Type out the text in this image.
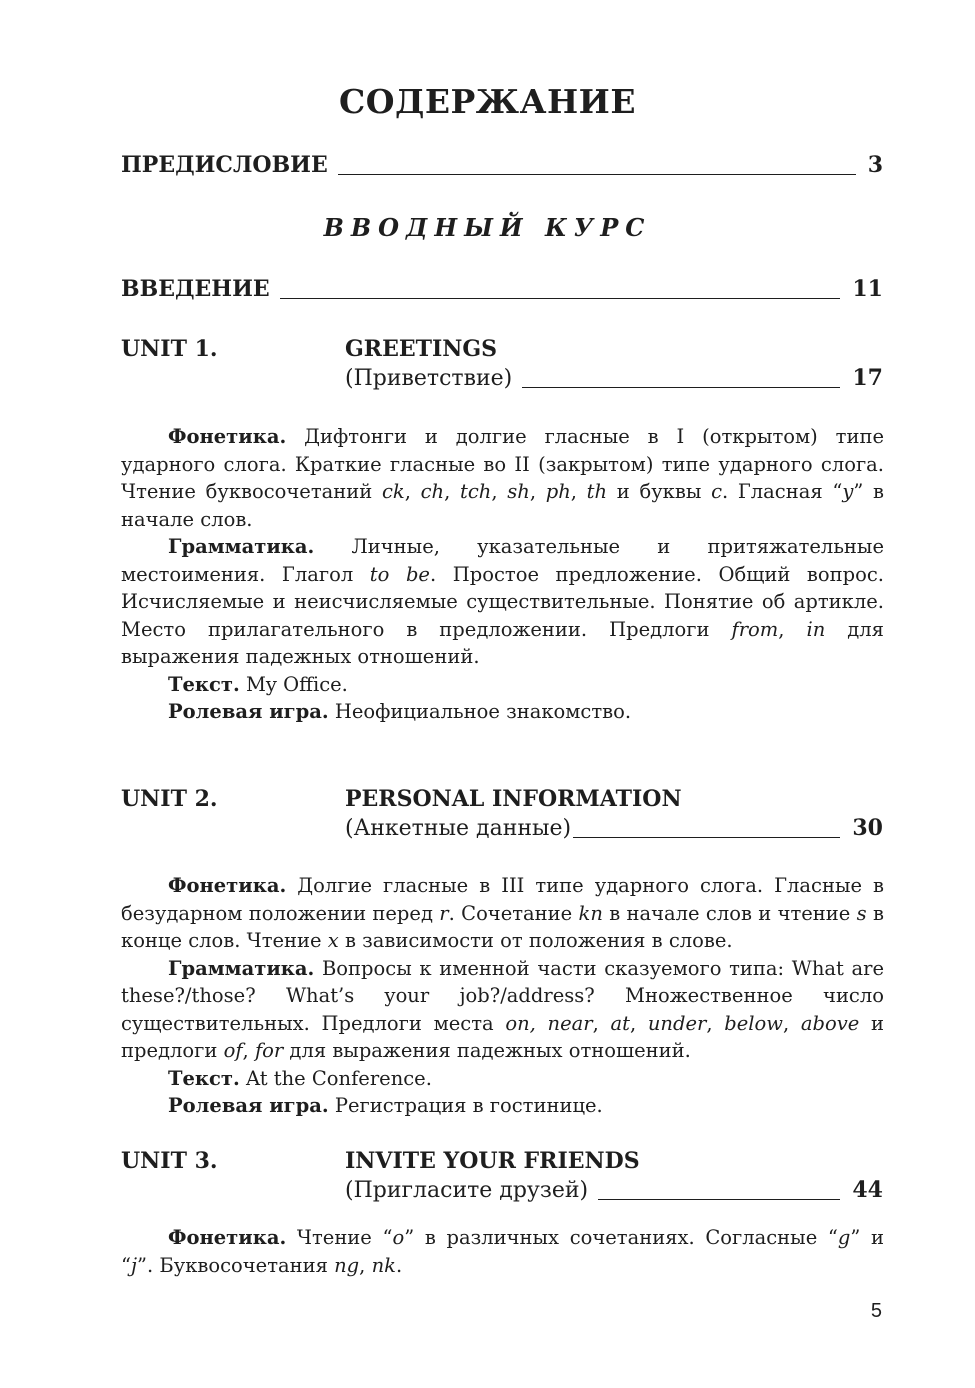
СОДЕРЖАНИЕ
ПРЕДИСЛОВИЕ	3
ВВОДНЫЙ КУРС
ВВЕДЕНИЕ	11
UNIT 1.	GREETINGS
(Приветствие)	17

Фонетика. Дифтонги и долгие гласные в I (открытом) типе ударного слога. Краткие гласные во II (закрытом) типе ударного слога. Чтение буквосочетаний ck, ch, tch, sh, ph, th и буквы c. Гласная “y” в начале слов.

Грамматика. Личные, указательные и притяжательные местоимения. Глагол to be. Простое предложение. Общий вопрос. Исчисляемые и неисчисляемые существительные. Понятие об артикле. Место прилагательного в предложении. Предлоги from, in для выражения падежных отношений.

Текст. My Office.

Ролевая игра. Неофициальное знакомство.

UNIT 2.	PERSONAL INFORMATION
(Анкетные данные)	30

Фонетика. Долгие гласные в III типе ударного слога. Гласные в безударном положении перед r. Сочетание kn в начале слов и чтение s в конце слов. Чтение x в зависимости от положения в слове.

Грамматика. Вопросы к именной части сказуемого типа: What are these?/those? What’s your job?/address? Множественное число существительных. Предлоги места on, near, at, under, below, above и предлоги of, for для выражения падежных отношений.

Текст. At the Conference.

Ролевая игра. Регистрация в гостинице.

UNIT 3.	INVITE YOUR FRIENDS
(Пригласите друзей)	44

Фонетика. Чтение “o” в различных сочетаниях. Согласные “g” и “j”. Буквосочетания ng, nk.

5
